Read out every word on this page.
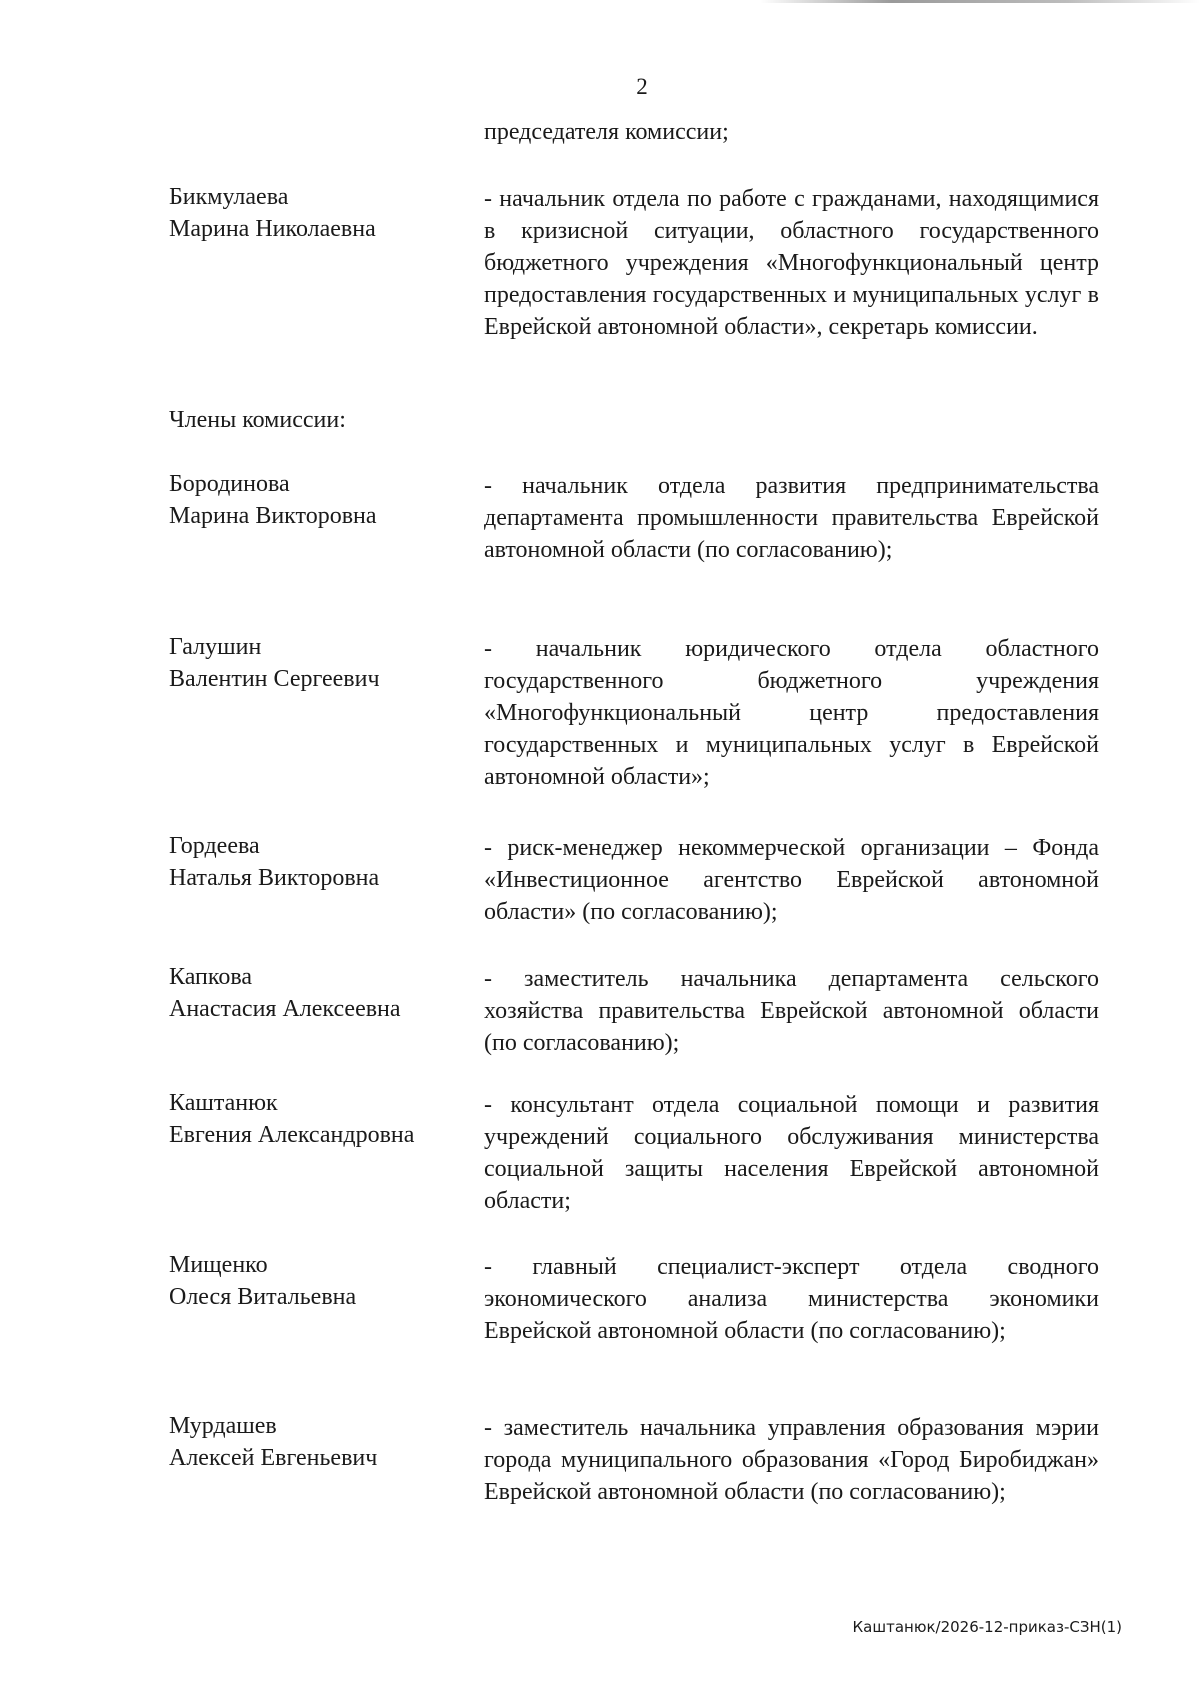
2
председателя комиссии;
Бикмулаева
Марина Николаевна
- начальник отдела по работе с гражданами, находящимися в кризисной ситуации, областного государственного бюджетного учреждения «Многофункциональный центр предоставления государственных и муниципальных услуг в Еврейской автономной области», секретарь комиссии.
Члены комиссии:
Бородинова
Марина Викторовна
- начальник отдела развития предпринимательства департамента промышленности правительства Еврейской автономной области (по согласованию);
Галушин
Валентин Сергеевич
- начальник юридического отдела областного государственного бюджетного учреждения «Многофункциональный центр предоставления государственных и муниципальных услуг в Еврейской автономной области»;
Гордеева
Наталья Викторовна
- риск-менеджер некоммерческой организации – Фонда «Инвестиционное агентство Еврейской автономной области» (по согласованию);
Капкова
Анастасия Алексеевна
- заместитель начальника департамента сельского хозяйства правительства Еврейской автономной области (по согласованию);
Каштанюк
Евгения Александровна
- консультант отдела социальной помощи и развития учреждений социального обслуживания министерства социальной защиты населения Еврейской автономной области;
Мищенко
Олеся Витальевна
- главный специалист-эксперт отдела сводного экономического анализа министерства экономики Еврейской автономной области (по согласованию);
Мурдашев
Алексей Евгеньевич
- заместитель начальника управления образования мэрии города муниципального образования «Город Биробиджан» Еврейской автономной области (по согласованию);
Каштанюк/2026-12-приказ-СЗН(1)
